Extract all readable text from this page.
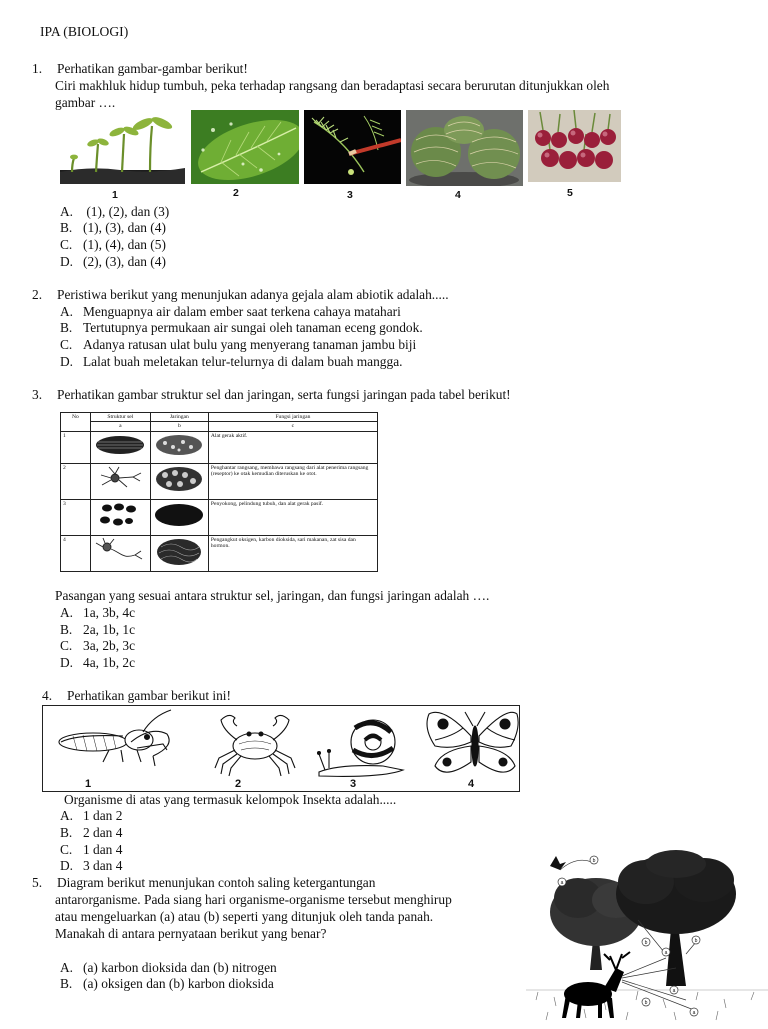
IPA (BIOLOGI)
1. Perhatikan gambar-gambar berikut!
Ciri makhluk hidup tumbuh, peka terhadap rangsang dan beradaptasi secara berurutan ditunjukkan oleh
gambar ….
1	2	3	4	5
A. (1), (2), dan (3)
B. (1), (3), dan (4)
C. (1), (4), dan (5)
D. (2), (3), dan (4)
2. Peristiwa berikut yang menunjukan adanya gejala alam abiotik adalah.....
A. Menguapnya air dalam ember saat terkena cahaya matahari
B. Tertutupnya permukaan air sungai oleh tanaman eceng gondok.
C. Adanya ratusan ulat bulu yang menyerang tanaman jambu biji
D. Lalat buah meletakan telur-telurnya di dalam buah mangga.
3. Perhatikan gambar struktur sel dan jaringan, serta fungsi jaringan pada tabel berikut!
No	Struktur sel	Jaringan	Fungsi jaringan
	a	b	c
1			Alat gerak aktif.
2			Penghantar rangsang, membawa rangsang dari alat penerima rangsang (reseptor) ke otak kemudian diteruskan ke otot.
3			Penyokong, pelindung tubuh, dan alat gerak pasif.
4			Pengangkut oksigen, karbon dioksida, sari makanan, zat sisa dan hormon.
Pasangan yang sesuai antara struktur sel, jaringan, dan fungsi jaringan adalah ….
A. 1a, 3b, 4c
B. 2a, 1b, 1c
C. 3a, 2b, 3c
D. 4a, 1b, 2c
4. Perhatikan gambar berikut ini!
1	2	3	4
Organisme di atas yang termasuk kelompok Insekta adalah.....
A. 1 dan 2
B. 2 dan 4
C. 1 dan 4
D. 3 dan 4
5. Diagram berikut menunjukan contoh saling ketergantungan
antarorganisme. Pada siang hari organisme-organisme tersebut menghirup
atau mengeluarkan (a) atau (b) seperti yang ditunjuk oleh tanda panah.
Manakah di antara pernyataan berikut yang benar?
A. (a) karbon dioksida dan (b) nitrogen
B. (a) oksigen dan (b) karbon dioksida
b
a
b
a
a
b
a
b
